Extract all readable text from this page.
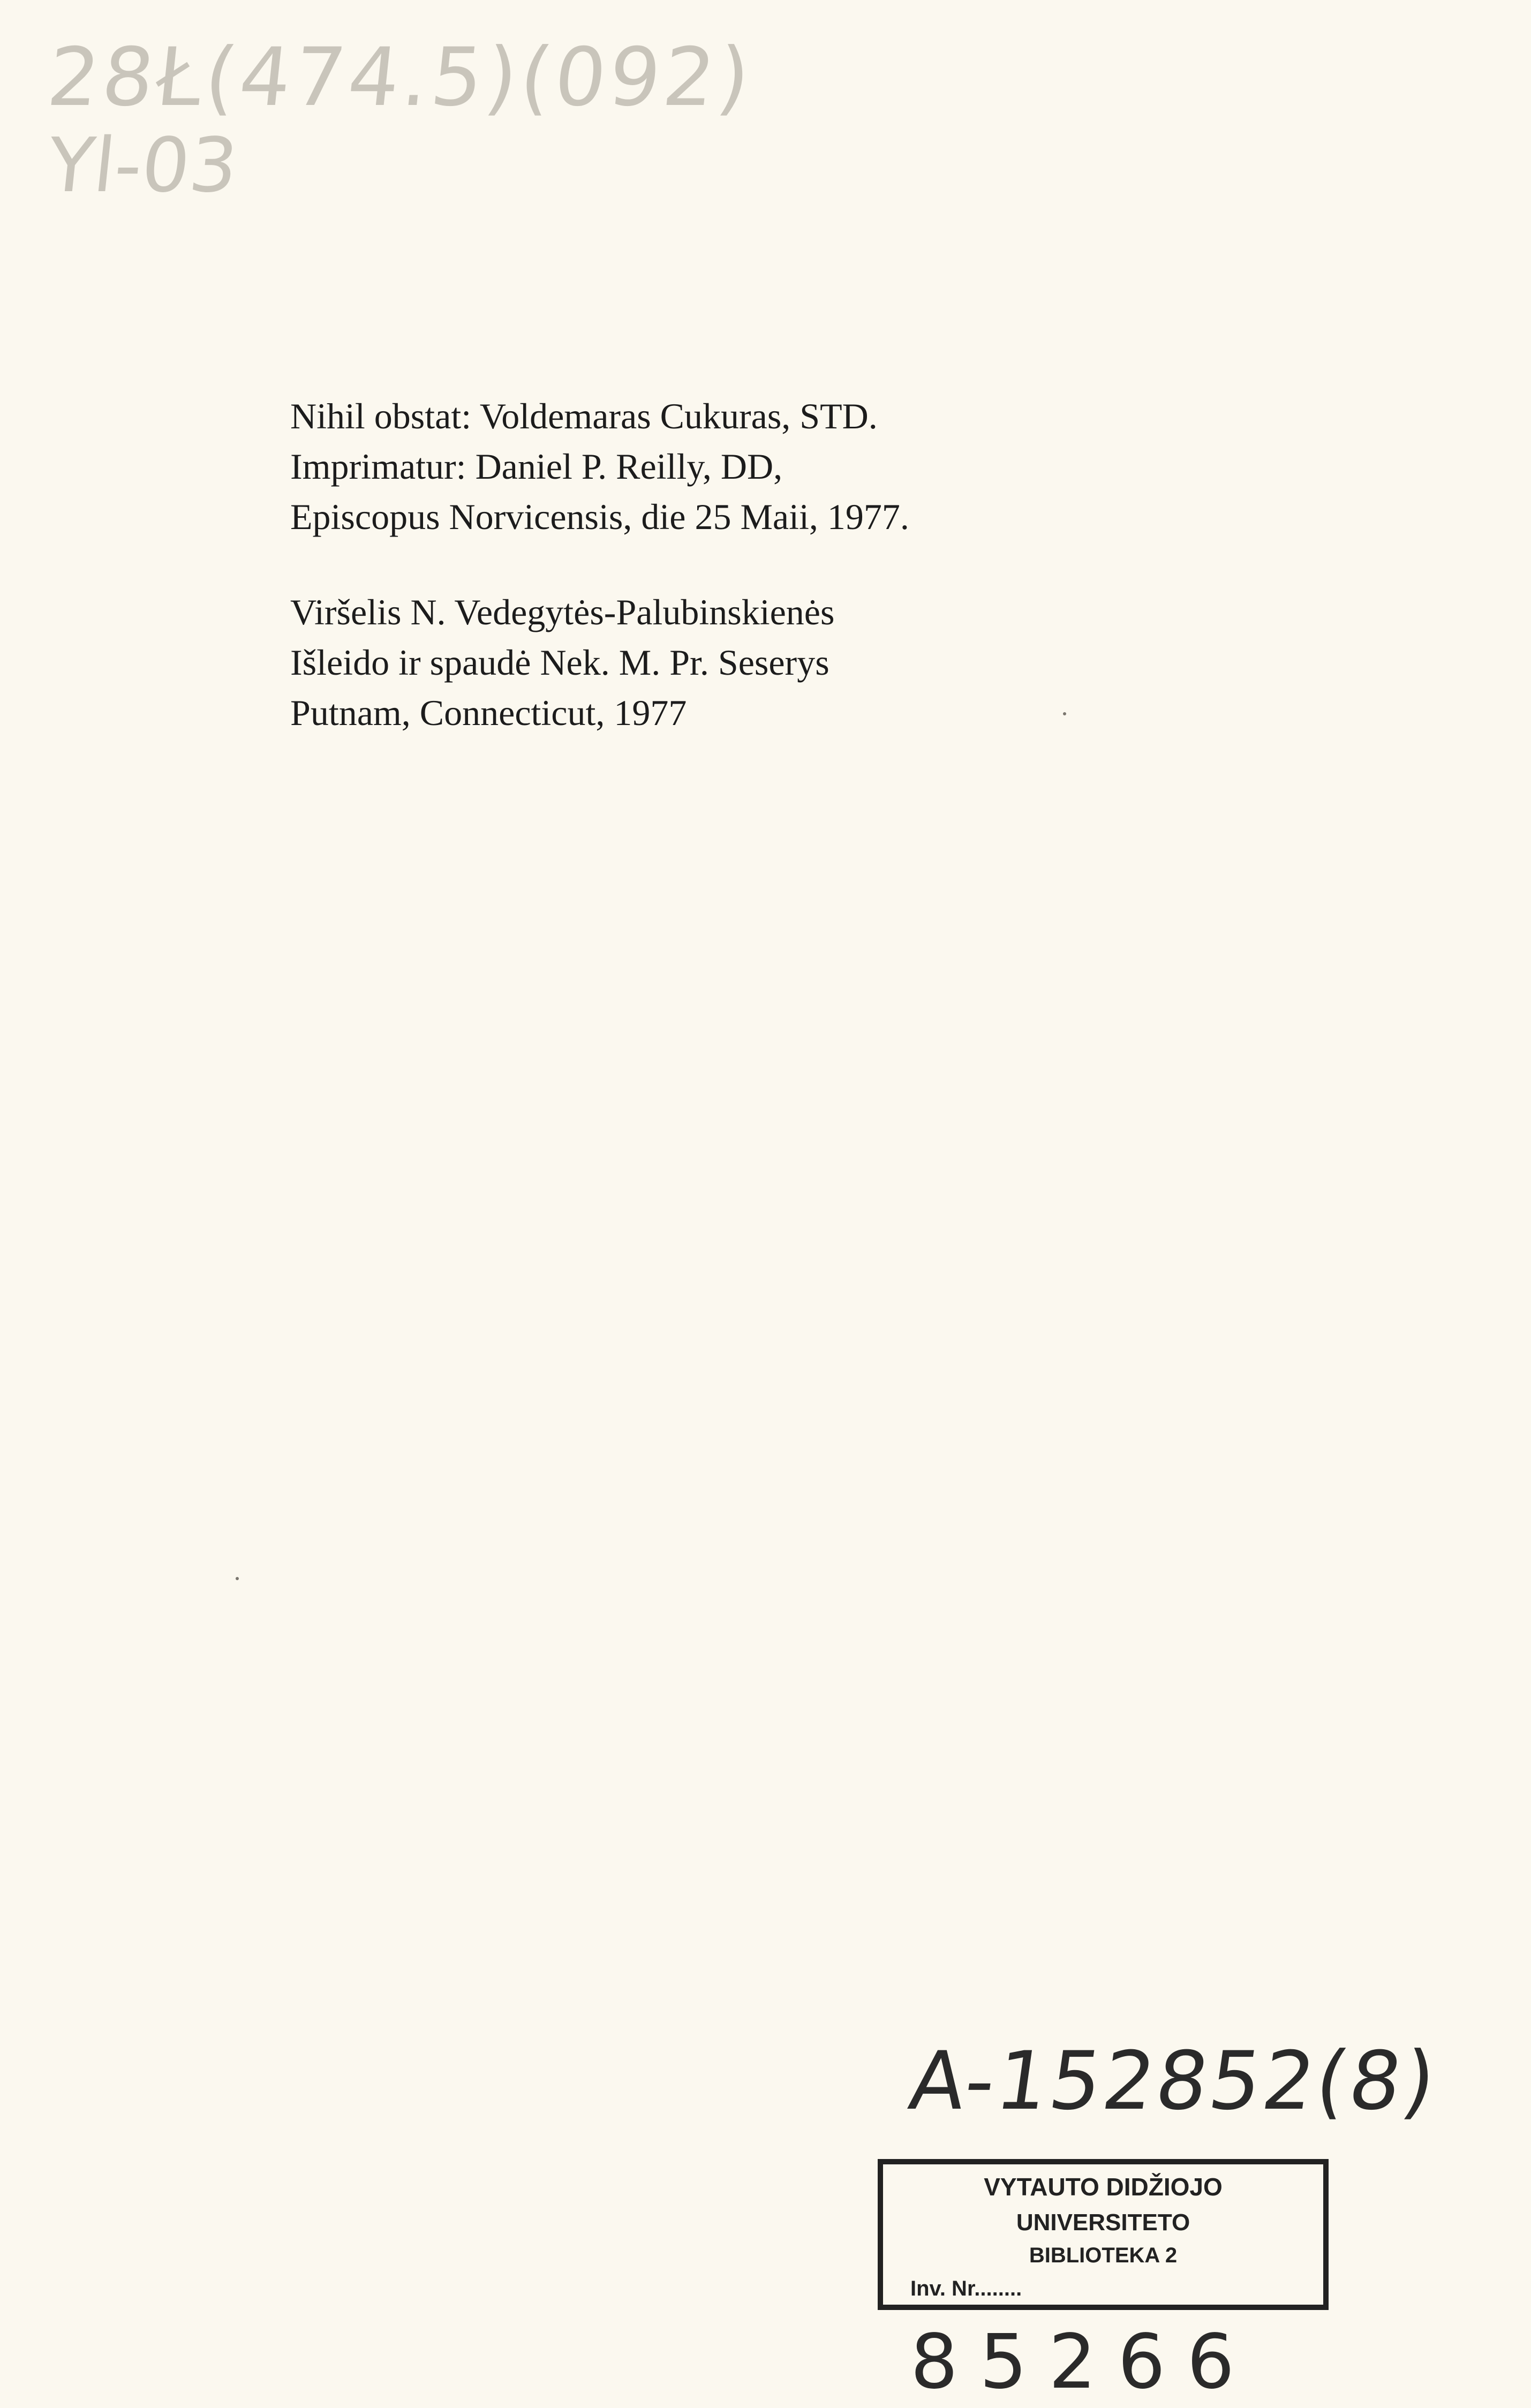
28Ł(474.5)(092)
Yl-03

Nihil obstat: Voldemaras Cukuras, STD.

Imprimatur: Daniel P. Reilly, DD,

Episcopus Norvicensis, die 25 Maii, 1977.

Viršelis N. Vedegytės-Palubinskienės

Išleido ir spaudė Nek. M. Pr. Seserys

Putnam, Connecticut, 1977

A-152852(8)
VYTAUTO DIDŽIOJO
UNIVERSITETO
BIBLIOTEKA 2
Inv. Nr........
85266
